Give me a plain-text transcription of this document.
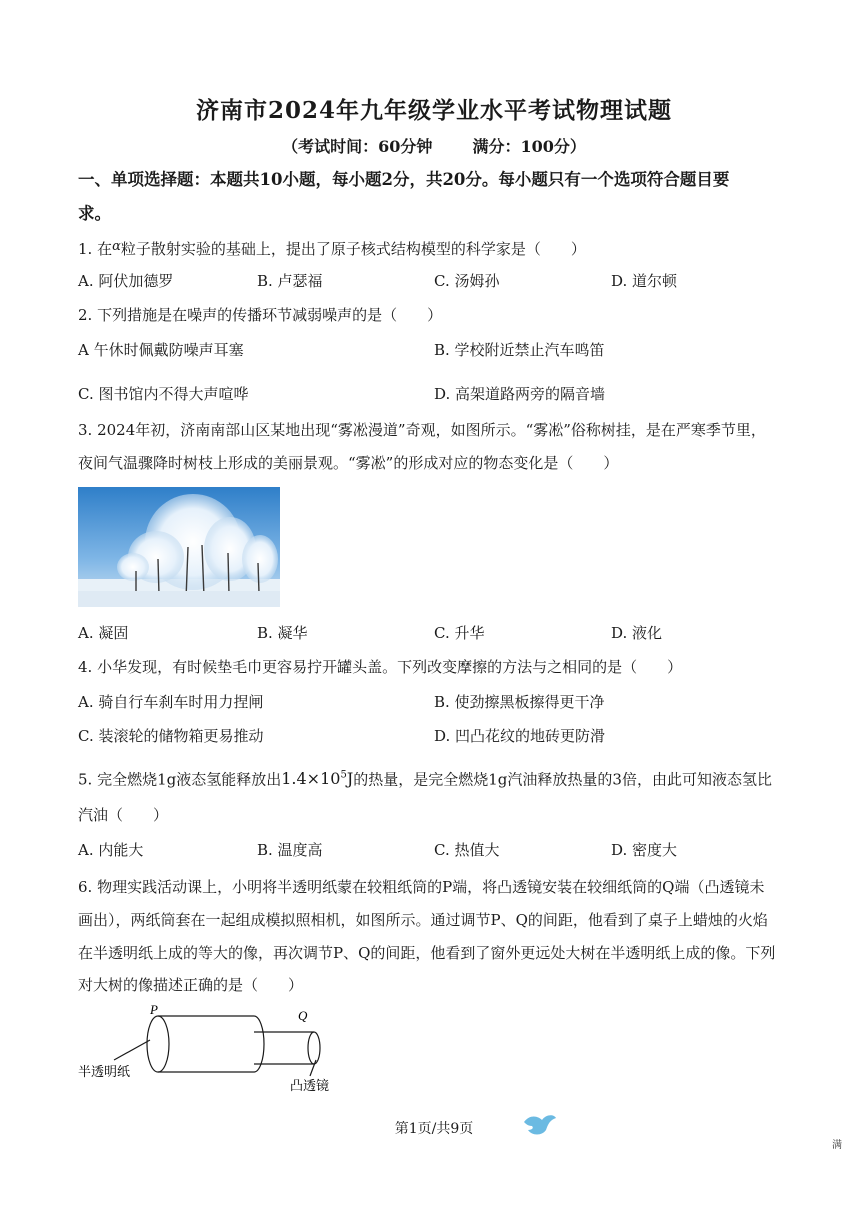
济南市2024年九年级学业水平考试物理试题
（考试时间：60分钟	满分：100分）
一、单项选择题：本题共10小题，每小题2分，共20分。每小题只有一个选项符合题目要
求。
1. 在α粒子散射实验的基础上，提出了原子核式结构模型的科学家是（　　）
A. 阿伏加德罗	B. 卢瑟福	C. 汤姆孙	D. 道尔顿
2. 下列措施是在噪声的传播环节减弱噪声的是（　　）
A 午休时佩戴防噪声耳塞	B. 学校附近禁止汽车鸣笛
C. 图书馆内不得大声喧哗	D. 高架道路两旁的隔音墙
3. 2024年初，济南南部山区某地出现“雾凇漫道”奇观，如图所示。“雾凇”俗称树挂，是在严寒季节里，
夜间气温骤降时树枝上形成的美丽景观。“雾凇”的形成对应的物态变化是（　　）
A. 凝固	B. 凝华	C. 升华	D. 液化
4. 小华发现，有时候垫毛巾更容易拧开罐头盖。下列改变摩擦的方法与之相同的是（　　）
A. 骑自行车刹车时用力捏闸	B. 使劲擦黑板擦得更干净
C. 装滚轮的储物箱更易推动	D. 凹凸花纹的地砖更防滑
5. 完全燃烧1g液态氢能释放出$1.4\times 10^5J$的热量，是完全燃烧1g汽油释放热量的3倍，由此可知液态氢比
汽油（　　）
A. 内能大	B. 温度高	C. 热值大	D. 密度大
6. 物理实践活动课上，小明将半透明纸蒙在较粗纸筒的P端，将凸透镜安装在较细纸筒的Q端（凸透镜未
画出），两纸筒套在一起组成模拟照相机，如图所示。通过调节P、Q的间距，他看到了桌子上蜡烛的火焰
在半透明纸上成的等大的像，再次调节P、Q的间距，他看到了窗外更远处大树在半透明纸上成的像。下列
对大树的像描述正确的是（　　）
P	Q
半透明纸
凸透镜
第1页/共9页
满
